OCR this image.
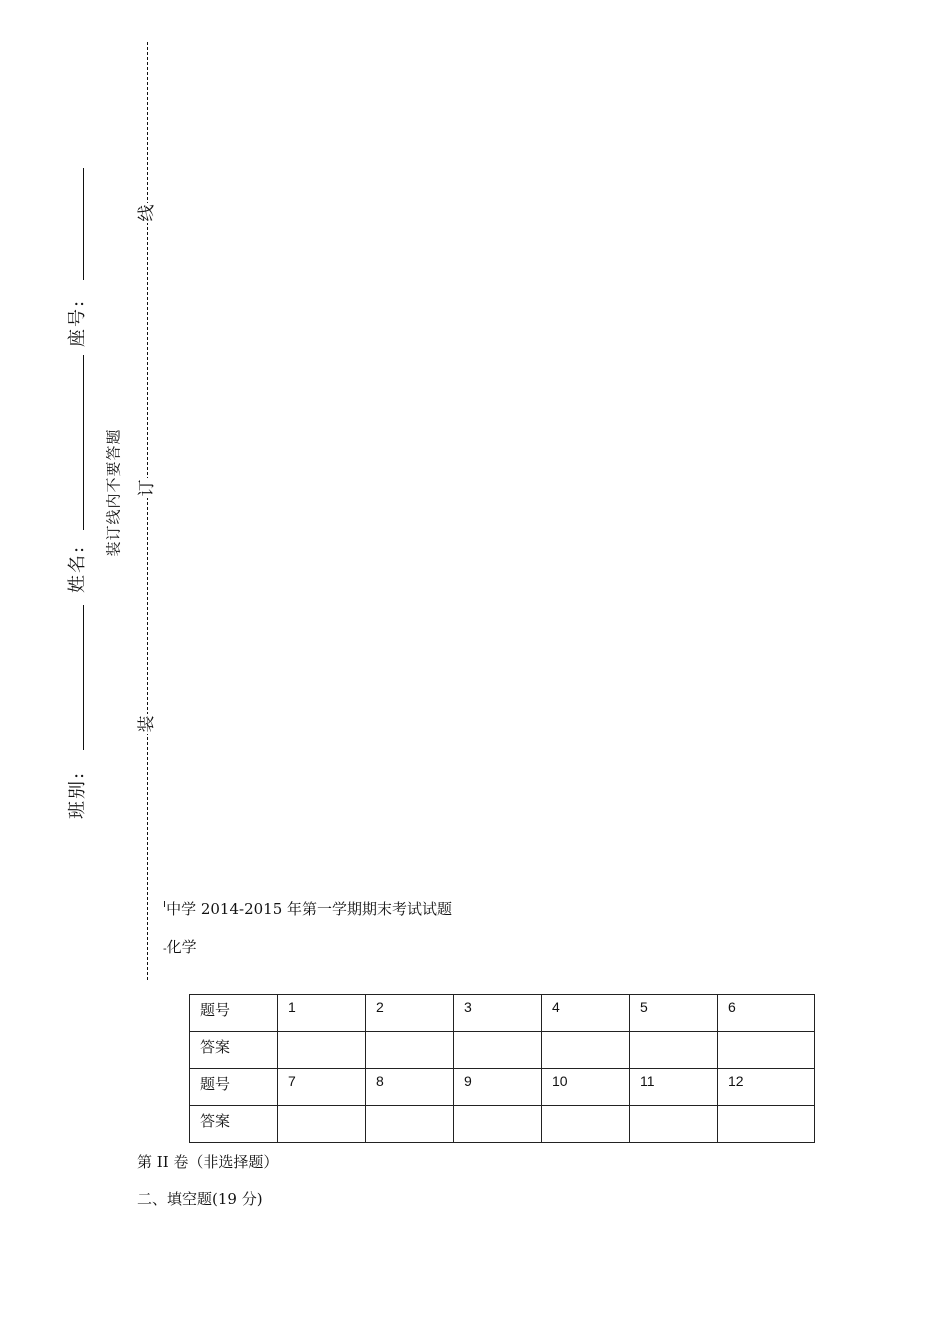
班别:
姓名:
座号:
装订线内不要答题
线
订
装
$^ı$中学 2014-2015 年第一学期期末考试试题
-化学
题号	1	2	3	4	5	6
答案						
题号	7	8	9	10	11	12
答案						
第 II 卷（非选择题）
二、填空题(19 分)
